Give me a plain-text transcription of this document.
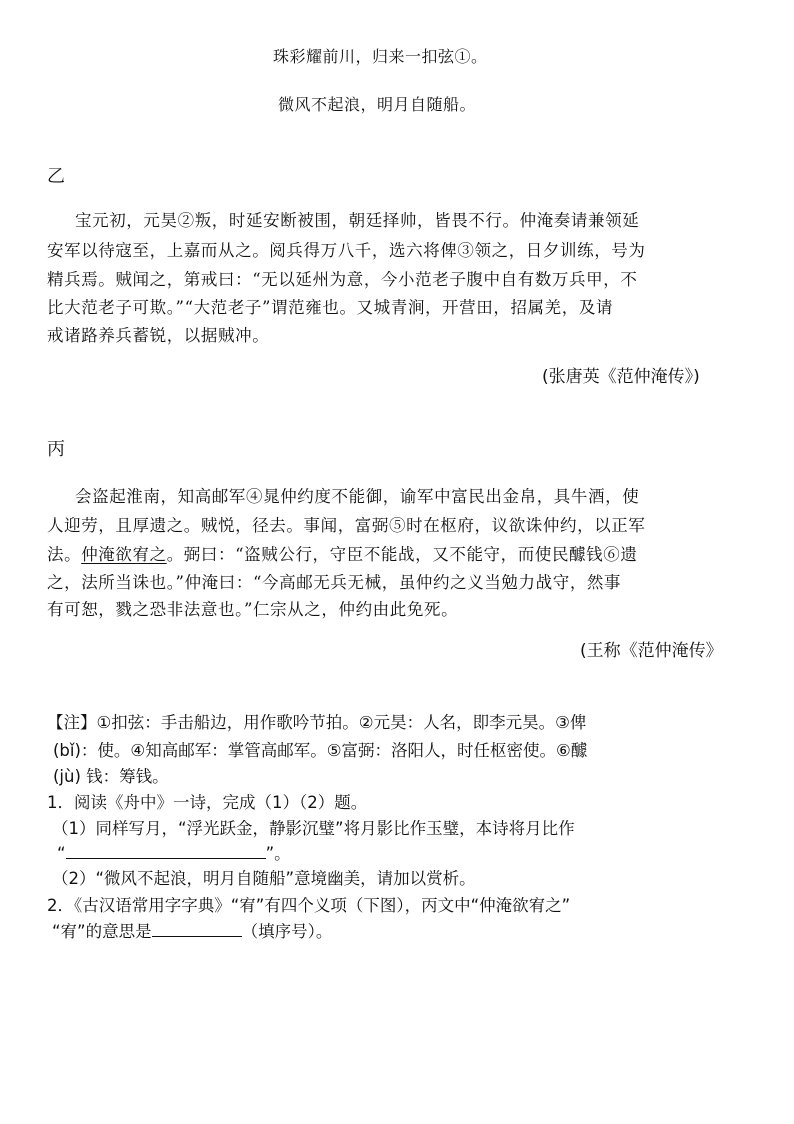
珠彩耀前川，归来一扣弦①。
微风不起浪，明月自随船。
乙
宝元初，元昊②叛，时延安断被围，朝廷择帅，皆畏不行。仲淹奏请兼领延
安军以待寇至，上嘉而从之。阅兵得万八千，选六将俾③领之，日夕训练，号为
精兵焉。贼闻之，第戒曰：“无以延州为意，今小范老子腹中自有数万兵甲，不
比大范老子可欺。”“大范老子”谓范雍也。又城青涧，开营田，招属羌，及请
戒诸路养兵蓄锐，以据贼冲。
(张唐英《范仲淹传》)
丙
会盗起淮南，知高邮军④晁仲约度不能御，谕军中富民出金帛，具牛酒，使
人迎劳，且厚遗之。贼悦，径去。事闻，富弼⑤时在枢府，议欲诛仲约，以正军
法。仲淹欲宥之。弼曰：“盗贼公行，守臣不能战，又不能守，而使民醵钱⑥遗
之，法所当诛也。”仲淹曰：“今高邮无兵无械，虽仲约之义当勉力战守，然事
有可恕，戮之恐非法意也。”仁宗从之，仲约由此免死。
(王称《范仲淹传》
【注】①扣弦：手击船边，用作歌吟节拍。②元昊：人名，即李元昊。③俾
(bǐ)：使。④知高邮军：掌管高邮军。⑤富弼：洛阳人，时任枢密使。⑥醵
(jù) 钱：筹钱。
1．阅读《舟中》一诗，完成（1）（2）题。
（1）同样写月，“浮光跃金，静影沉璧”将月影比作玉璧，本诗将月比作
“	”。
（2）“微风不起浪，明月自随船”意境幽美，请加以赏析。
2．《古汉语常用字字典》“宥”有四个义项（下图），丙文中“仲淹欲宥之”
“宥”的意思是	（填序号）。
